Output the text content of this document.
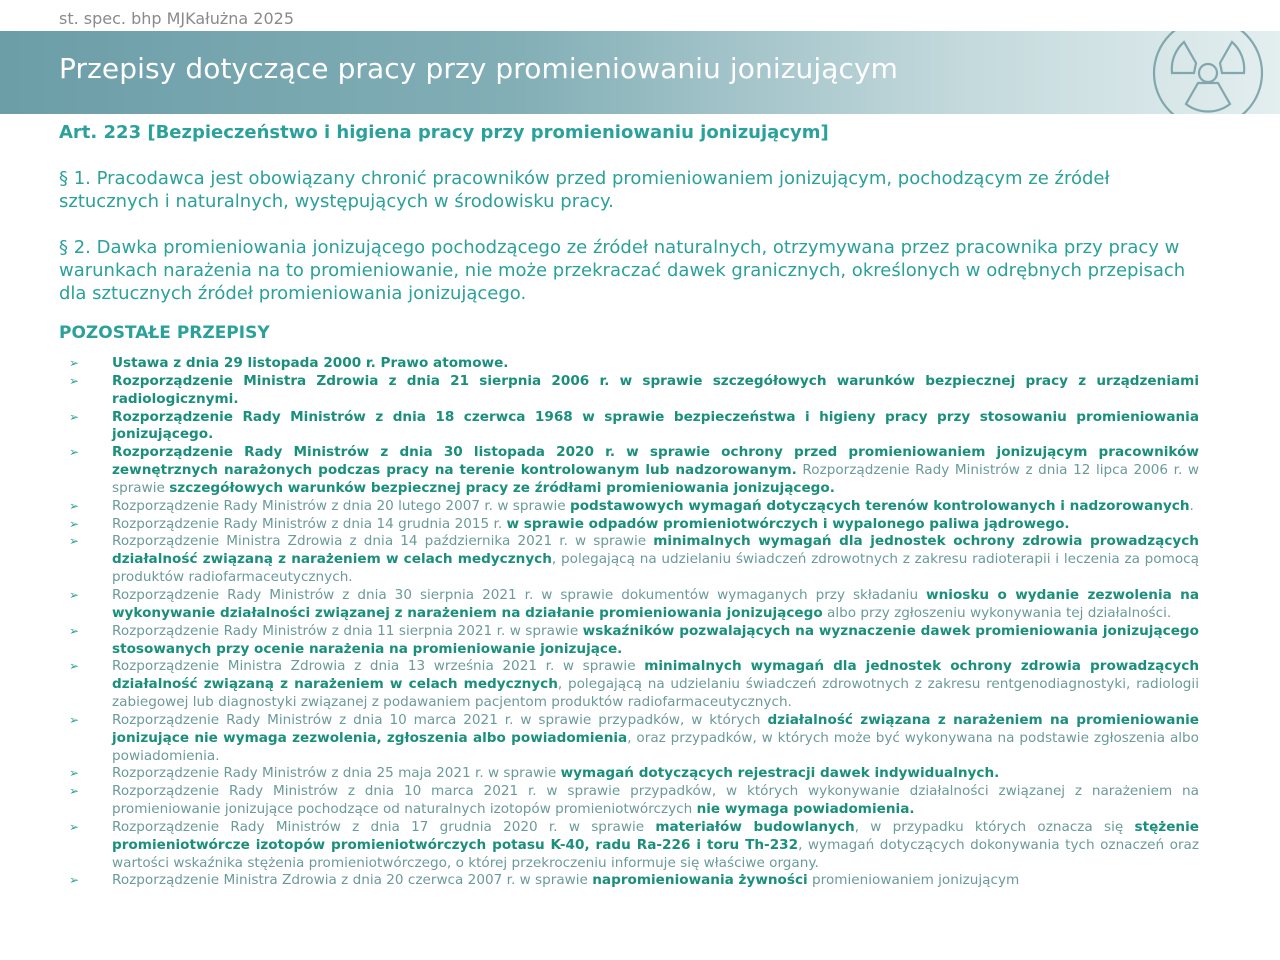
st. spec. bhp MJKałużna 2025
Przepisy dotyczące pracy przy promieniowaniu jonizującym
Art. 223 [Bezpieczeństwo i higiena pracy przy promieniowaniu jonizującym]
§ 1. Pracodawca jest obowiązany chronić pracowników przed promieniowaniem jonizującym, pochodzącym ze źródeł sztucznych i naturalnych, występujących w środowisku pracy.
§ 2. Dawka promieniowania jonizującego pochodzącego ze źródeł naturalnych, otrzymywana przez pracownika przy pracy w warunkach narażenia na to promieniowanie, nie może przekraczać dawek granicznych, określonych w odrębnych przepisach dla sztucznych źródeł promieniowania jonizującego.
POZOSTAŁE PRZEPISY
➢ Ustawa z dnia 29 listopada 2000 r. Prawo atomowe.
➢ Rozporządzenie Ministra Zdrowia z dnia 21 sierpnia 2006 r. w sprawie szczegółowych warunków bezpiecznej pracy z urządzeniami radiologicznymi.
➢ Rozporządzenie Rady Ministrów z dnia 18 czerwca 1968 w sprawie bezpieczeństwa i higieny pracy przy stosowaniu promieniowania jonizującego.
➢ Rozporządzenie Rady Ministrów z dnia 30 listopada 2020 r. w sprawie ochrony przed promieniowaniem jonizującym pracowników zewnętrznych narażonych podczas pracy na terenie kontrolowanym lub nadzorowanym. Rozporządzenie Rady Ministrów z dnia 12 lipca 2006 r. w sprawie szczegółowych warunków bezpiecznej pracy ze źródłami promieniowania jonizującego.
➢ Rozporządzenie Rady Ministrów z dnia 20 lutego 2007 r. w sprawie podstawowych wymagań dotyczących terenów kontrolowanych i nadzorowanych.
➢ Rozporządzenie Rady Ministrów z dnia 14 grudnia 2015 r. w sprawie odpadów promieniotwórczych i wypalonego paliwa jądrowego.
➢ Rozporządzenie Ministra Zdrowia z dnia 14 października 2021 r. w sprawie minimalnych wymagań dla jednostek ochrony zdrowia prowadzących działalność związaną z narażeniem w celach medycznych, polegającą na udzielaniu świadczeń zdrowotnych z zakresu radioterapii i leczenia za pomocą produktów radiofarmaceutycznych.
➢ Rozporządzenie Rady Ministrów z dnia 30 sierpnia 2021 r. w sprawie dokumentów wymaganych przy składaniu wniosku o wydanie zezwolenia na wykonywanie działalności związanej z narażeniem na działanie promieniowania jonizującego albo przy zgłoszeniu wykonywania tej działalności.
➢ Rozporządzenie Rady Ministrów z dnia 11 sierpnia 2021 r. w sprawie wskaźników pozwalających na wyznaczenie dawek promieniowania jonizującego stosowanych przy ocenie narażenia na promieniowanie jonizujące.
➢ Rozporządzenie Ministra Zdrowia z dnia 13 września 2021 r. w sprawie minimalnych wymagań dla jednostek ochrony zdrowia prowadzących działalność związaną z narażeniem w celach medycznych, polegającą na udzielaniu świadczeń zdrowotnych z zakresu rentgenodiagnostyki, radiologii zabiegowej lub diagnostyki związanej z podawaniem pacjentom produktów radiofarmaceutycznych.
➢ Rozporządzenie Rady Ministrów z dnia 10 marca 2021 r. w sprawie przypadków, w których działalność związana z narażeniem na promieniowanie jonizujące nie wymaga zezwolenia, zgłoszenia albo powiadomienia, oraz przypadków, w których może być wykonywana na podstawie zgłoszenia albo powiadomienia.
➢ Rozporządzenie Rady Ministrów z dnia 25 maja 2021 r. w sprawie wymagań dotyczących rejestracji dawek indywidualnych.
➢ Rozporządzenie Rady Ministrów z dnia 10 marca 2021 r. w sprawie przypadków, w których wykonywanie działalności związanej z narażeniem na promieniowanie jonizujące pochodzące od naturalnych izotopów promieniotwórczych nie wymaga powiadomienia.
➢ Rozporządzenie Rady Ministrów z dnia 17 grudnia 2020 r. w sprawie materiałów budowlanych, w przypadku których oznacza się stężenie promieniotwórcze izotopów promieniotwórczych potasu K-40, radu Ra-226 i toru Th-232, wymagań dotyczących dokonywania tych oznaczeń oraz wartości wskaźnika stężenia promieniotwórczego, o której przekroczeniu informuje się właściwe organy.
➢ Rozporządzenie Ministra Zdrowia z dnia 20 czerwca 2007 r. w sprawie napromieniowania żywności promieniowaniem jonizującym
